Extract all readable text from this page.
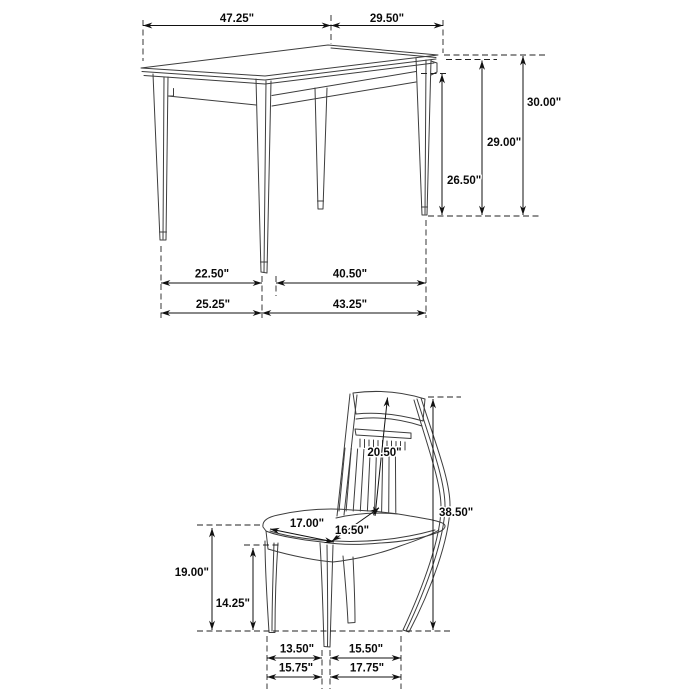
47.25"	29.50"
26.50"
29.00"
30.00"
22.50"	40.50"
25.25"	43.25"
20.50"
38.50"
17.00"
16.50"
19.00"
14.25"
13.50"	15.50"
15.75"	17.75"
